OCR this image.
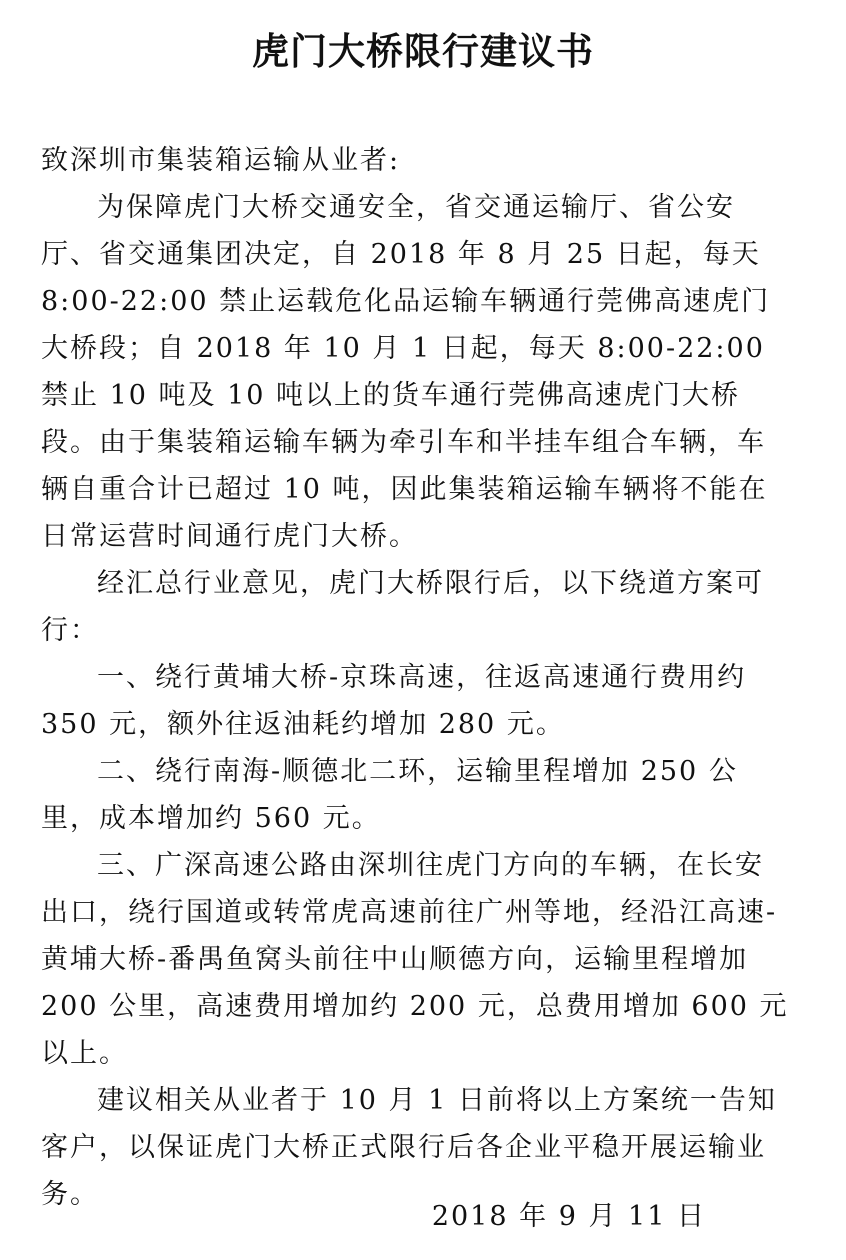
虎门大桥限行建议书

致深圳市集装箱运输从业者:

为保障虎门大桥交通安全，省交通运输厅、省公安厅、省交通集团决定，自 2018 年 8 月 25 日起，每天 8:00-22:00 禁止运载危化品运输车辆通行莞佛高速虎门大桥段；自 2018 年 10 月 1 日起，每天 8:00-22:00 禁止 10 吨及 10 吨以上的货车通行莞佛高速虎门大桥段。由于集装箱运输车辆为牵引车和半挂车组合车辆，车辆自重合计已超过 10 吨，因此集装箱运输车辆将不能在日常运营时间通行虎门大桥。

经汇总行业意见，虎门大桥限行后，以下绕道方案可行：

一、绕行黄埔大桥-京珠高速，往返高速通行费用约 350 元，额外往返油耗约增加 280 元。

二、绕行南海-顺德北二环，运输里程增加 250 公里，成本增加约 560 元。

三、广深高速公路由深圳往虎门方向的车辆，在长安出口，绕行国道或转常虎高速前往广州等地，经沿江高速-黄埔大桥-番禺鱼窝头前往中山顺德方向，运输里程增加 200 公里，高速费用增加约 200 元，总费用增加 600 元以上。

建议相关从业者于 10 月 1 日前将以上方案统一告知客户，以保证虎门大桥正式限行后各企业平稳开展运输业务。

2018 年 9 月 11 日
